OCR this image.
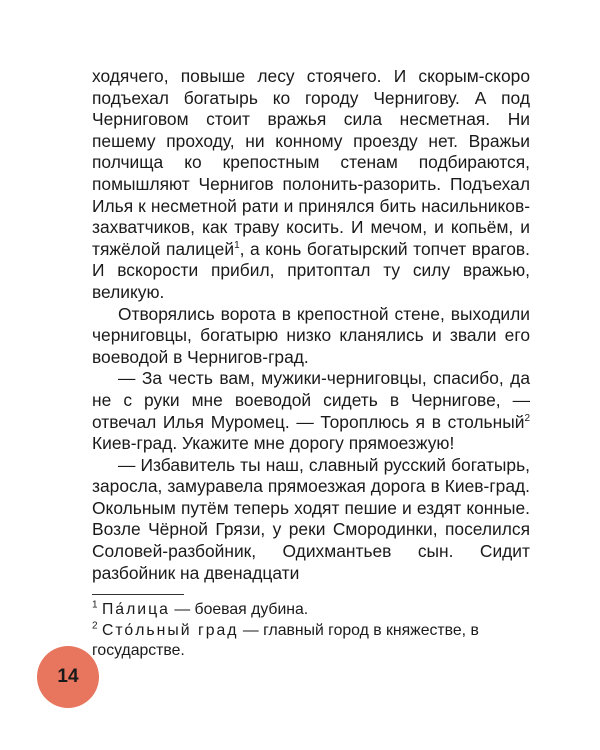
ходячего, повыше лесу стоячего. И скорым-скоро подъехал богатырь ко городу Чернигову. А под Черниговом стоит вражья сила несметная. Ни пешему проходу, ни конному проезду нет. Вражьи полчища ко крепостным стенам подбираются, помышляют Чернигов полонить-разорить. Подъехал Илья к несметной рати и принялся бить насильников-захватчиков, как траву косить. И мечом, и копьём, и тяжёлой палицей$^1$, а конь богатырский топчет врагов. И вскорости прибил, притоптал ту силу вражью, великую.

Отворялись ворота в крепостной стене, выходили черниговцы, богатырю низко кланялись и звали его воеводой в Чернигов-град.

— За честь вам, мужики-черниговцы, спасибо, да не с руки мне воеводой сидеть в Чернигове, — отвечал Илья Муромец. — Тороплюсь я в стольный$^2$ Киев-град. Укажите мне дорогу прямоезжую!

— Избавитель ты наш, славный русский богатырь, заросла, замуравела прямоезжая дорога в Киев-град. Окольным путём теперь ходят пешие и ездят конные. Возле Чёрной Грязи, у реки Смородинки, поселился Соловей-разбойник, Одихмантьев сын. Сидит разбойник на двенадцати

$^1$ Па́лица — боевая дубина.

$^2$ Сто́льный град — главный город в княжестве, в государстве.

14
